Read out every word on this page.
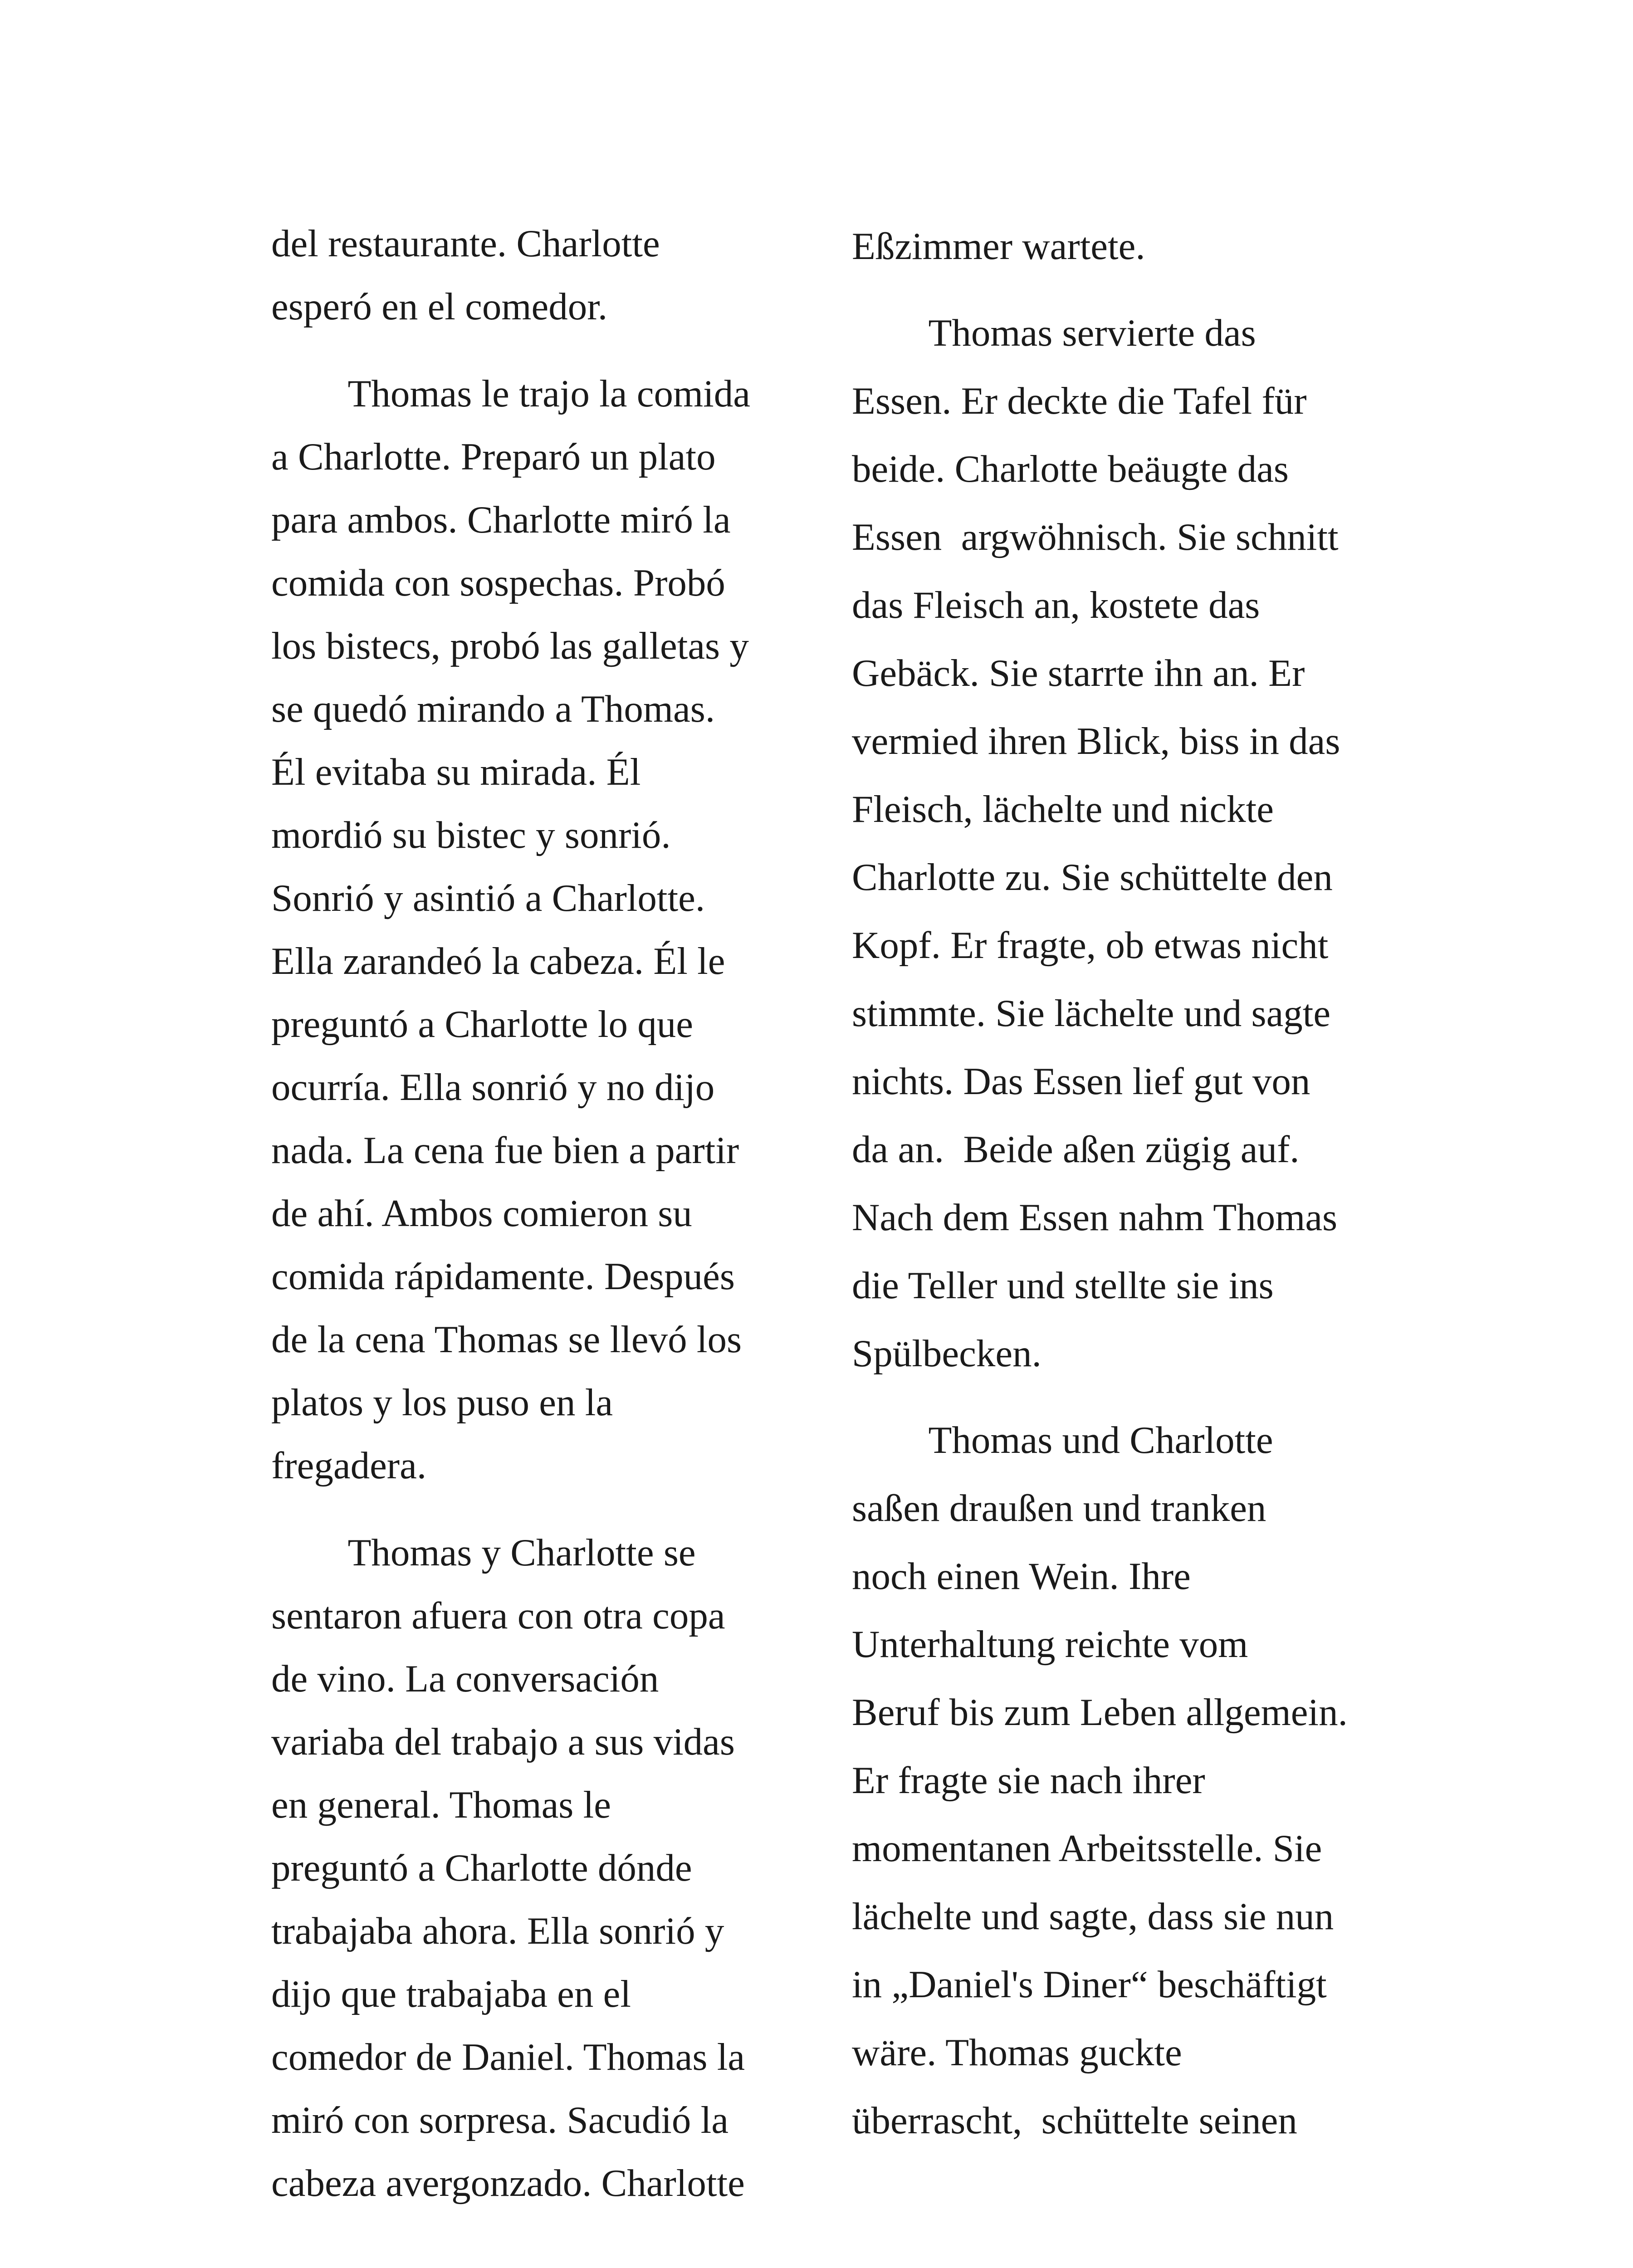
del restaurante. Charlotte
esperó en el comedor.
Thomas le trajo la comida
a Charlotte. Preparó un plato
para ambos. Charlotte miró la
comida con sospechas. Probó
los bistecs, probó las galletas y
se quedó mirando a Thomas.
Él evitaba su mirada. Él
mordió su bistec y sonrió.
Sonrió y asintió a Charlotte.
Ella zarandeó la cabeza. Él le
preguntó a Charlotte lo que
ocurría. Ella sonrió y no dijo
nada. La cena fue bien a partir
de ahí. Ambos comieron su
comida rápidamente. Después
de la cena Thomas se llevó los
platos y los puso en la
fregadera.
Thomas y Charlotte se
sentaron afuera con otra copa
de vino. La conversación
variaba del trabajo a sus vidas
en general. Thomas le
preguntó a Charlotte dónde
trabajaba ahora. Ella sonrió y
dijo que trabajaba en el
comedor de Daniel. Thomas la
miró con sorpresa. Sacudió la
cabeza avergonzado. Charlotte
Eßzimmer wartete.
Thomas servierte das
Essen. Er deckte die Tafel für
beide. Charlotte beäugte das
Essen  argwöhnisch. Sie schnitt
das Fleisch an, kostete das
Gebäck. Sie starrte ihn an. Er
vermied ihren Blick, biss in das
Fleisch, lächelte und nickte
Charlotte zu. Sie schüttelte den
Kopf. Er fragte, ob etwas nicht
stimmte. Sie lächelte und sagte
nichts. Das Essen lief gut von
da an.  Beide aßen zügig auf.
Nach dem Essen nahm Thomas
die Teller und stellte sie ins
Spülbecken.
Thomas und Charlotte
saßen draußen und tranken
noch einen Wein. Ihre
Unterhaltung reichte vom
Beruf bis zum Leben allgemein.
Er fragte sie nach ihrer
momentanen Arbeitsstelle. Sie
lächelte und sagte, dass sie nun
in „Daniel's Diner“ beschäftigt
wäre. Thomas guckte
überrascht,  schüttelte seinen
